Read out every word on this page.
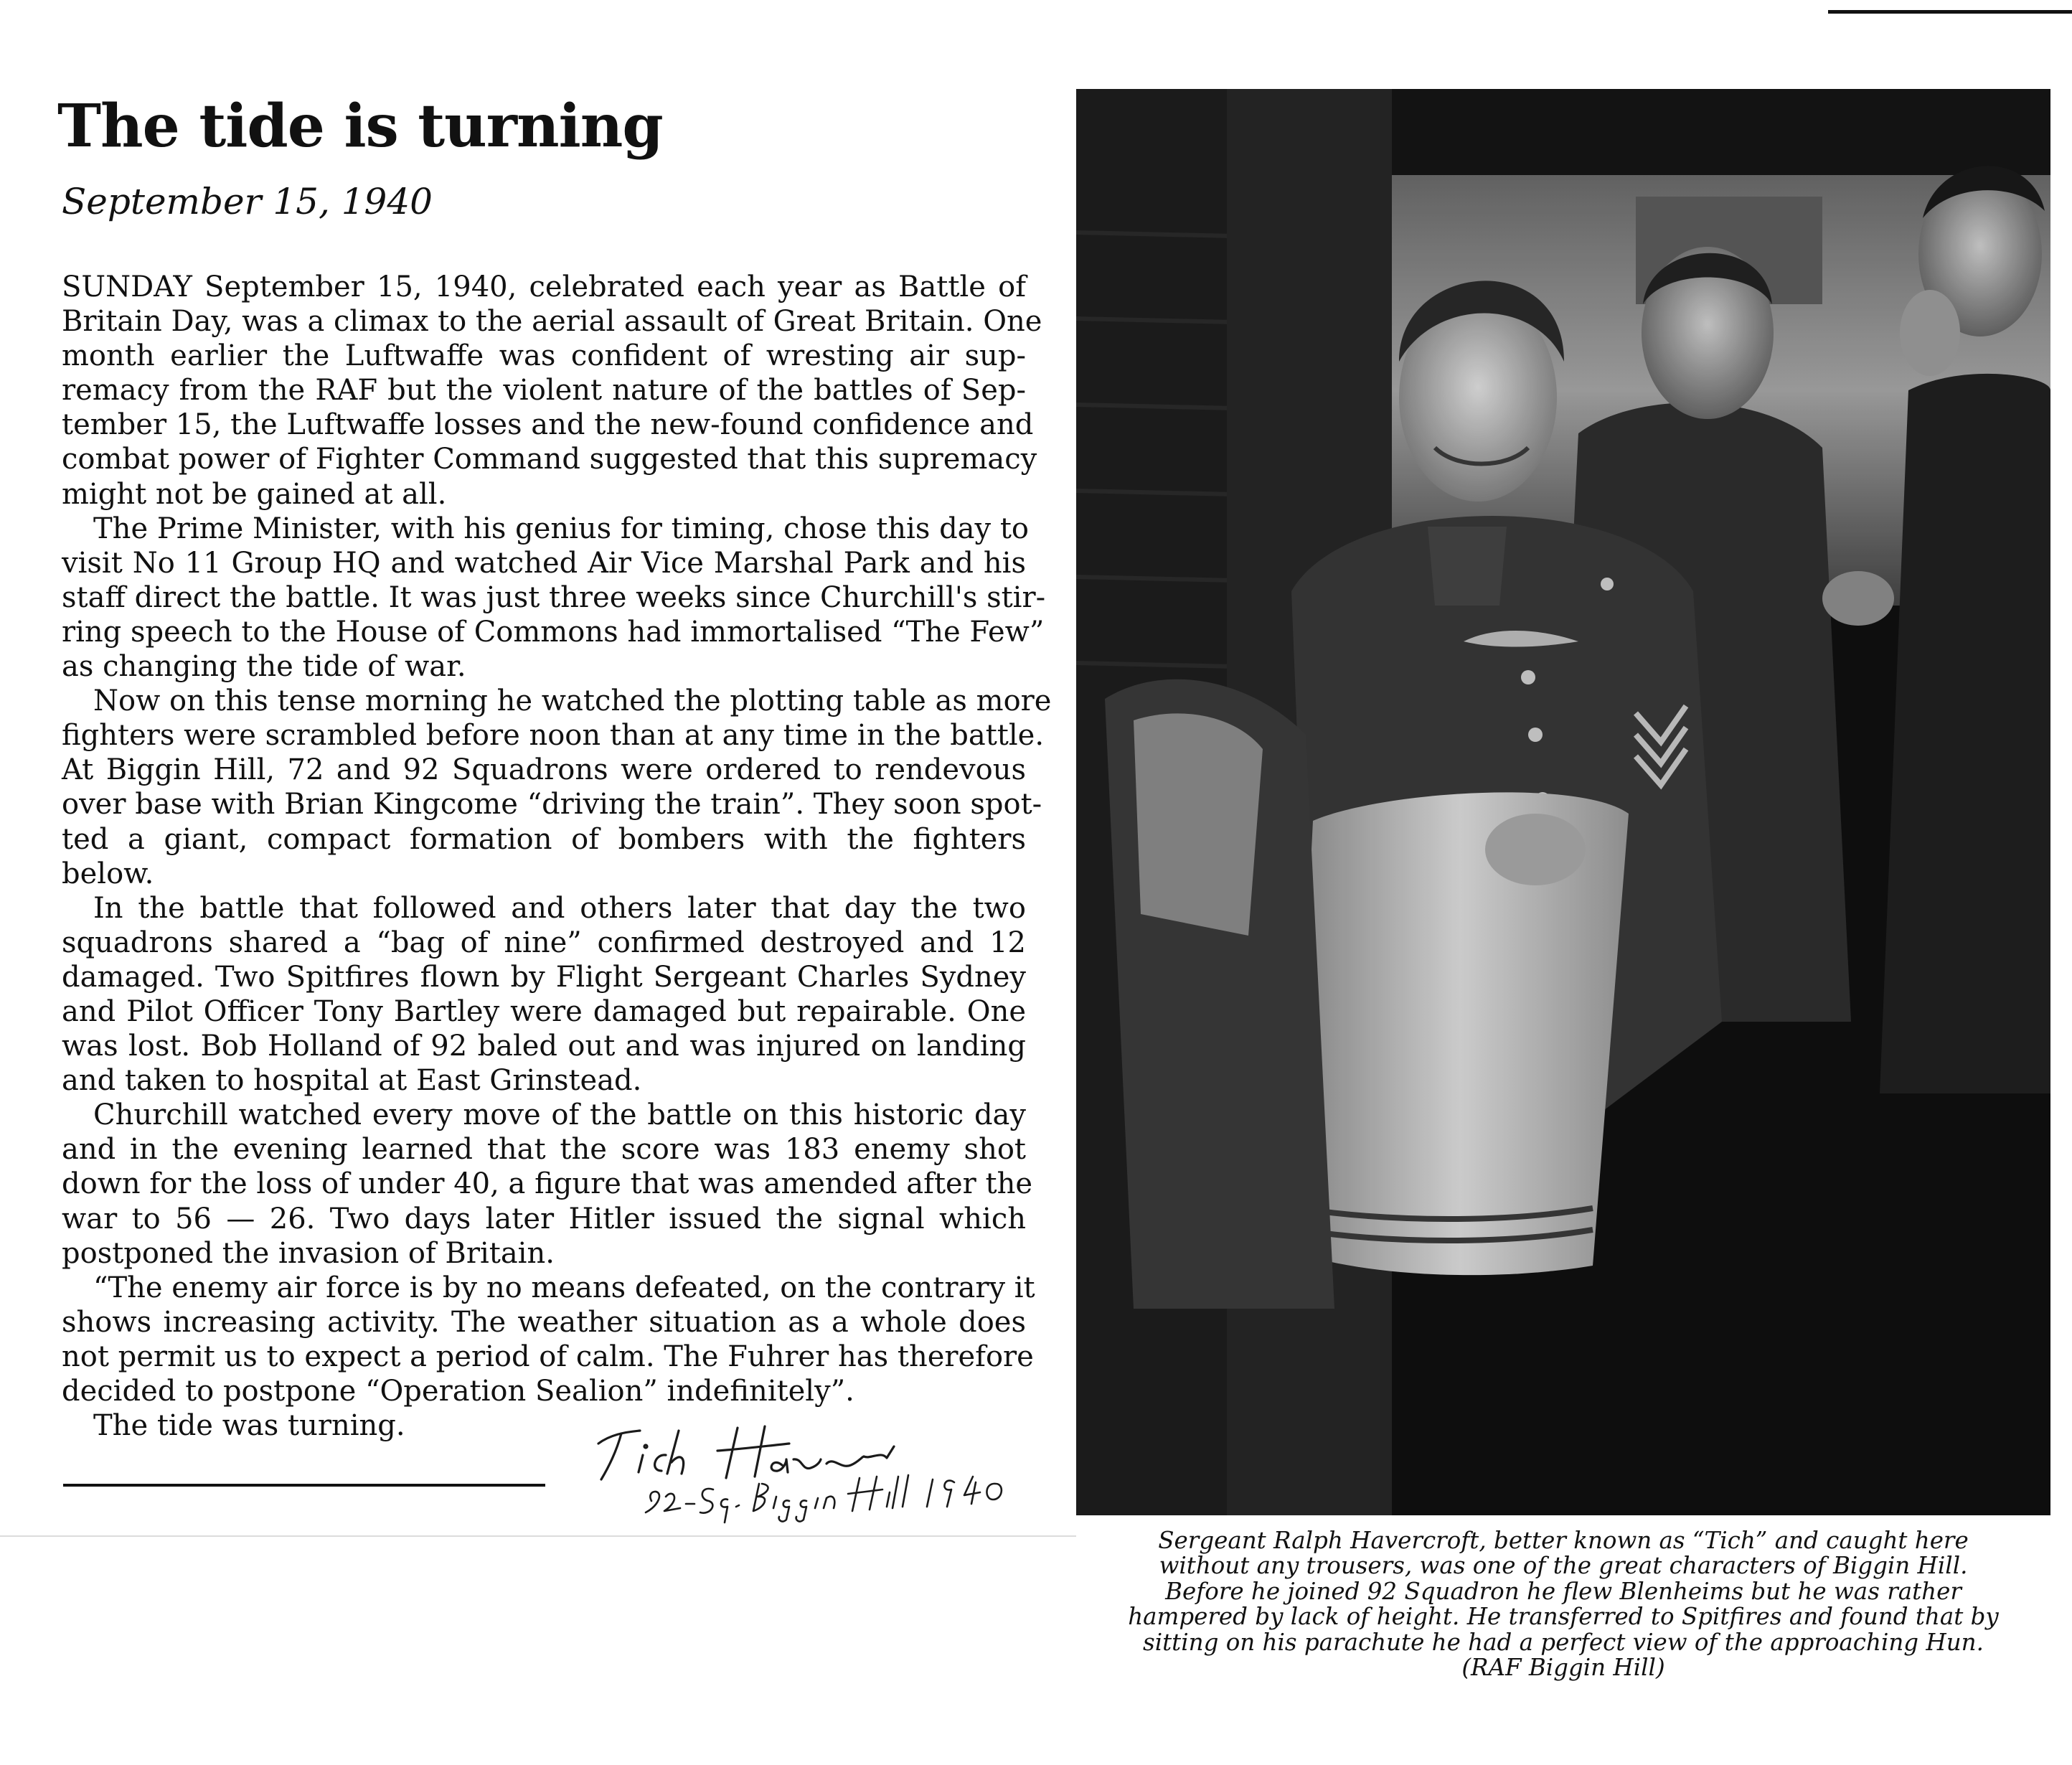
The tide is turning
September 15, 1940
SUNDAY September 15, 1940, celebrated each year as Battle of
Britain Day, was a climax to the aerial assault of Great Britain. One
month earlier the Luftwaffe was confident of wresting air sup-
remacy from the RAF but the violent nature of the battles of Sep-
tember 15, the Luftwaffe losses and the new-found confidence and
combat power of Fighter Command suggested that this supremacy
might not be gained at all.
The Prime Minister, with his genius for timing, chose this day to
visit No 11 Group HQ and watched Air Vice Marshal Park and his
staff direct the battle. It was just three weeks since Churchill's stir-
ring speech to the House of Commons had immortalised “The Few”
as changing the tide of war.
Now on this tense morning he watched the plotting table as more
fighters were scrambled before noon than at any time in the battle.
At Biggin Hill, 72 and 92 Squadrons were ordered to rendevous
over base with Brian Kingcome “driving the train”. They soon spot-
ted a giant, compact formation of bombers with the fighters
below.
In the battle that followed and others later that day the two
squadrons shared a “bag of nine” confirmed destroyed and 12
damaged. Two Spitfires flown by Flight Sergeant Charles Sydney
and Pilot Officer Tony Bartley were damaged but repairable. One
was lost. Bob Holland of 92 baled out and was injured on landing
and taken to hospital at East Grinstead.
Churchill watched every move of the battle on this historic day
and in the evening learned that the score was 183 enemy shot
down for the loss of under 40, a figure that was amended after the
war to 56 — 26. Two days later Hitler issued the signal which
postponed the invasion of Britain.
“The enemy air force is by no means defeated, on the contrary it
shows increasing activity. The weather situation as a whole does
not permit us to expect a period of calm. The Fuhrer has therefore
decided to postpone “Operation Sealion” indefinitely”.
The tide was turning.
Sergeant Ralph Havercroft, better known as “Tich” and caught here
without any trousers, was one of the great characters of Biggin Hill.
Before he joined 92 Squadron he flew Blenheims but he was rather
hampered by lack of height. He transferred to Spitfires and found that by
sitting on his parachute he had a perfect view of the approaching Hun.
(RAF Biggin Hill)
